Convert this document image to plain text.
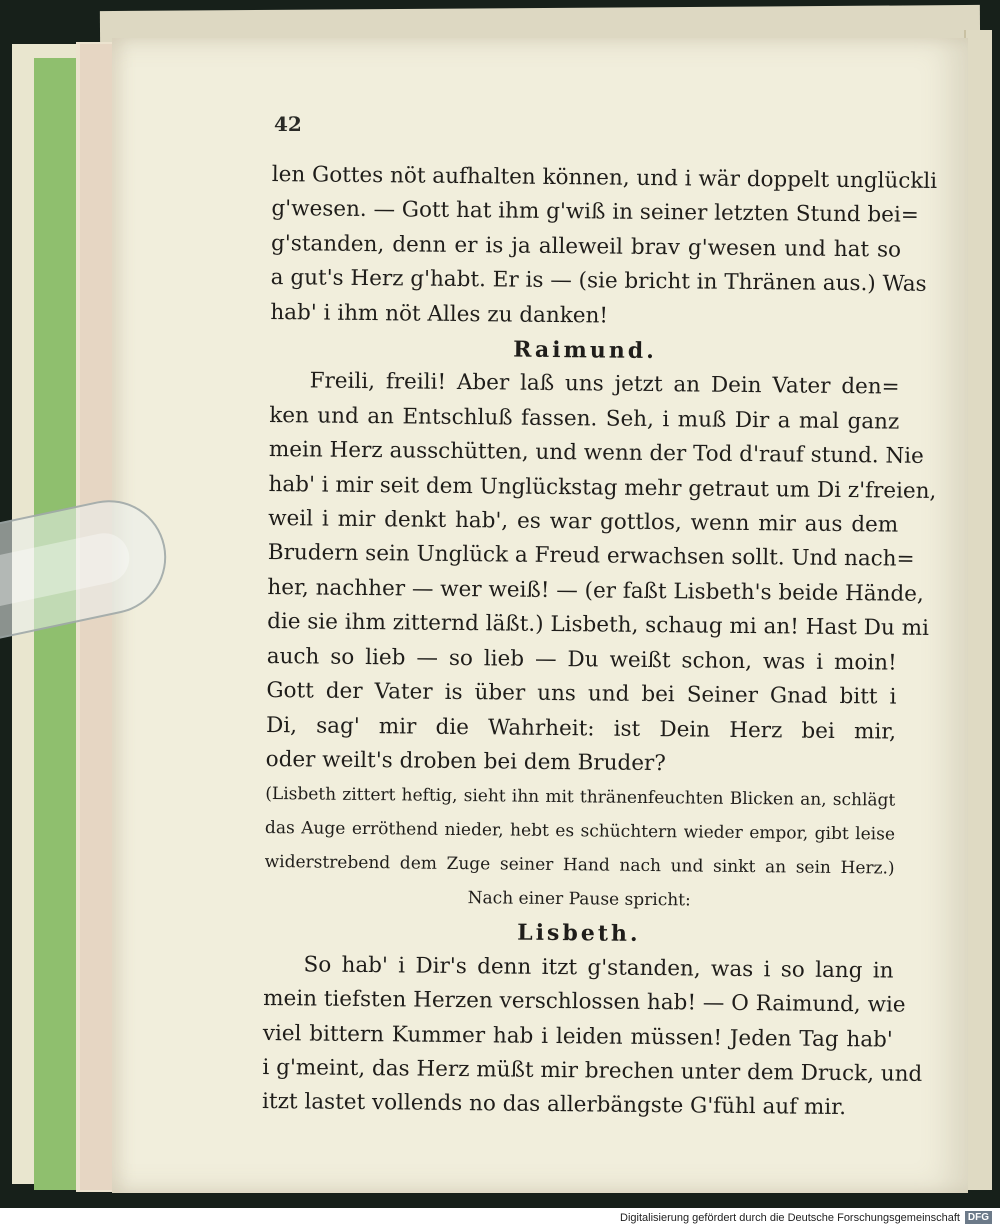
42
len Gottes nöt aufhalten können, und i wär doppelt unglückli
g'wesen. — Gott hat ihm g'wiß in seiner letzten Stund bei=
g'standen, denn er is ja alleweil brav g'wesen und hat so
a gut's Herz g'habt. Er is — (sie bricht in Thränen aus.) Was
hab' i ihm nöt Alles zu danken!
Raimund.
Freili, freili! Aber laß uns jetzt an Dein Vater den=
ken und an Entschluß fassen. Seh, i muß Dir a mal ganz
mein Herz ausschütten, und wenn der Tod d'rauf stund. Nie
hab' i mir seit dem Unglückstag mehr getraut um Di z'freien,
weil i mir denkt hab', es war gottlos, wenn mir aus dem
Brudern sein Unglück a Freud erwachsen sollt. Und nach=
her, nachher — wer weiß! — (er faßt Lisbeth's beide Hände,
die sie ihm zitternd läßt.) Lisbeth, schaug mi an! Hast Du mi
auch so lieb — so lieb — Du weißt schon, was i moin!
Gott der Vater is über uns und bei Seiner Gnad bitt i
Di, sag' mir die Wahrheit: ist Dein Herz bei mir,
oder weilt's droben bei dem Bruder?
(Lisbeth zittert heftig, sieht ihn mit thränenfeuchten Blicken an, schlägt
das Auge erröthend nieder, hebt es schüchtern wieder empor, gibt leise
widerstrebend dem Zuge seiner Hand nach und sinkt an sein Herz.)
Nach einer Pause spricht:
Lisbeth.
So hab' i Dir's denn itzt g'standen, was i so lang in
mein tiefsten Herzen verschlossen hab! — O Raimund, wie
viel bittern Kummer hab i leiden müssen! Jeden Tag hab'
i g'meint, das Herz müßt mir brechen unter dem Druck, und
itzt lastet vollends no das allerbängste G'fühl auf mir.
Digitalisierung gefördert durch die Deutsche Forschungsgemeinschaft DFG
